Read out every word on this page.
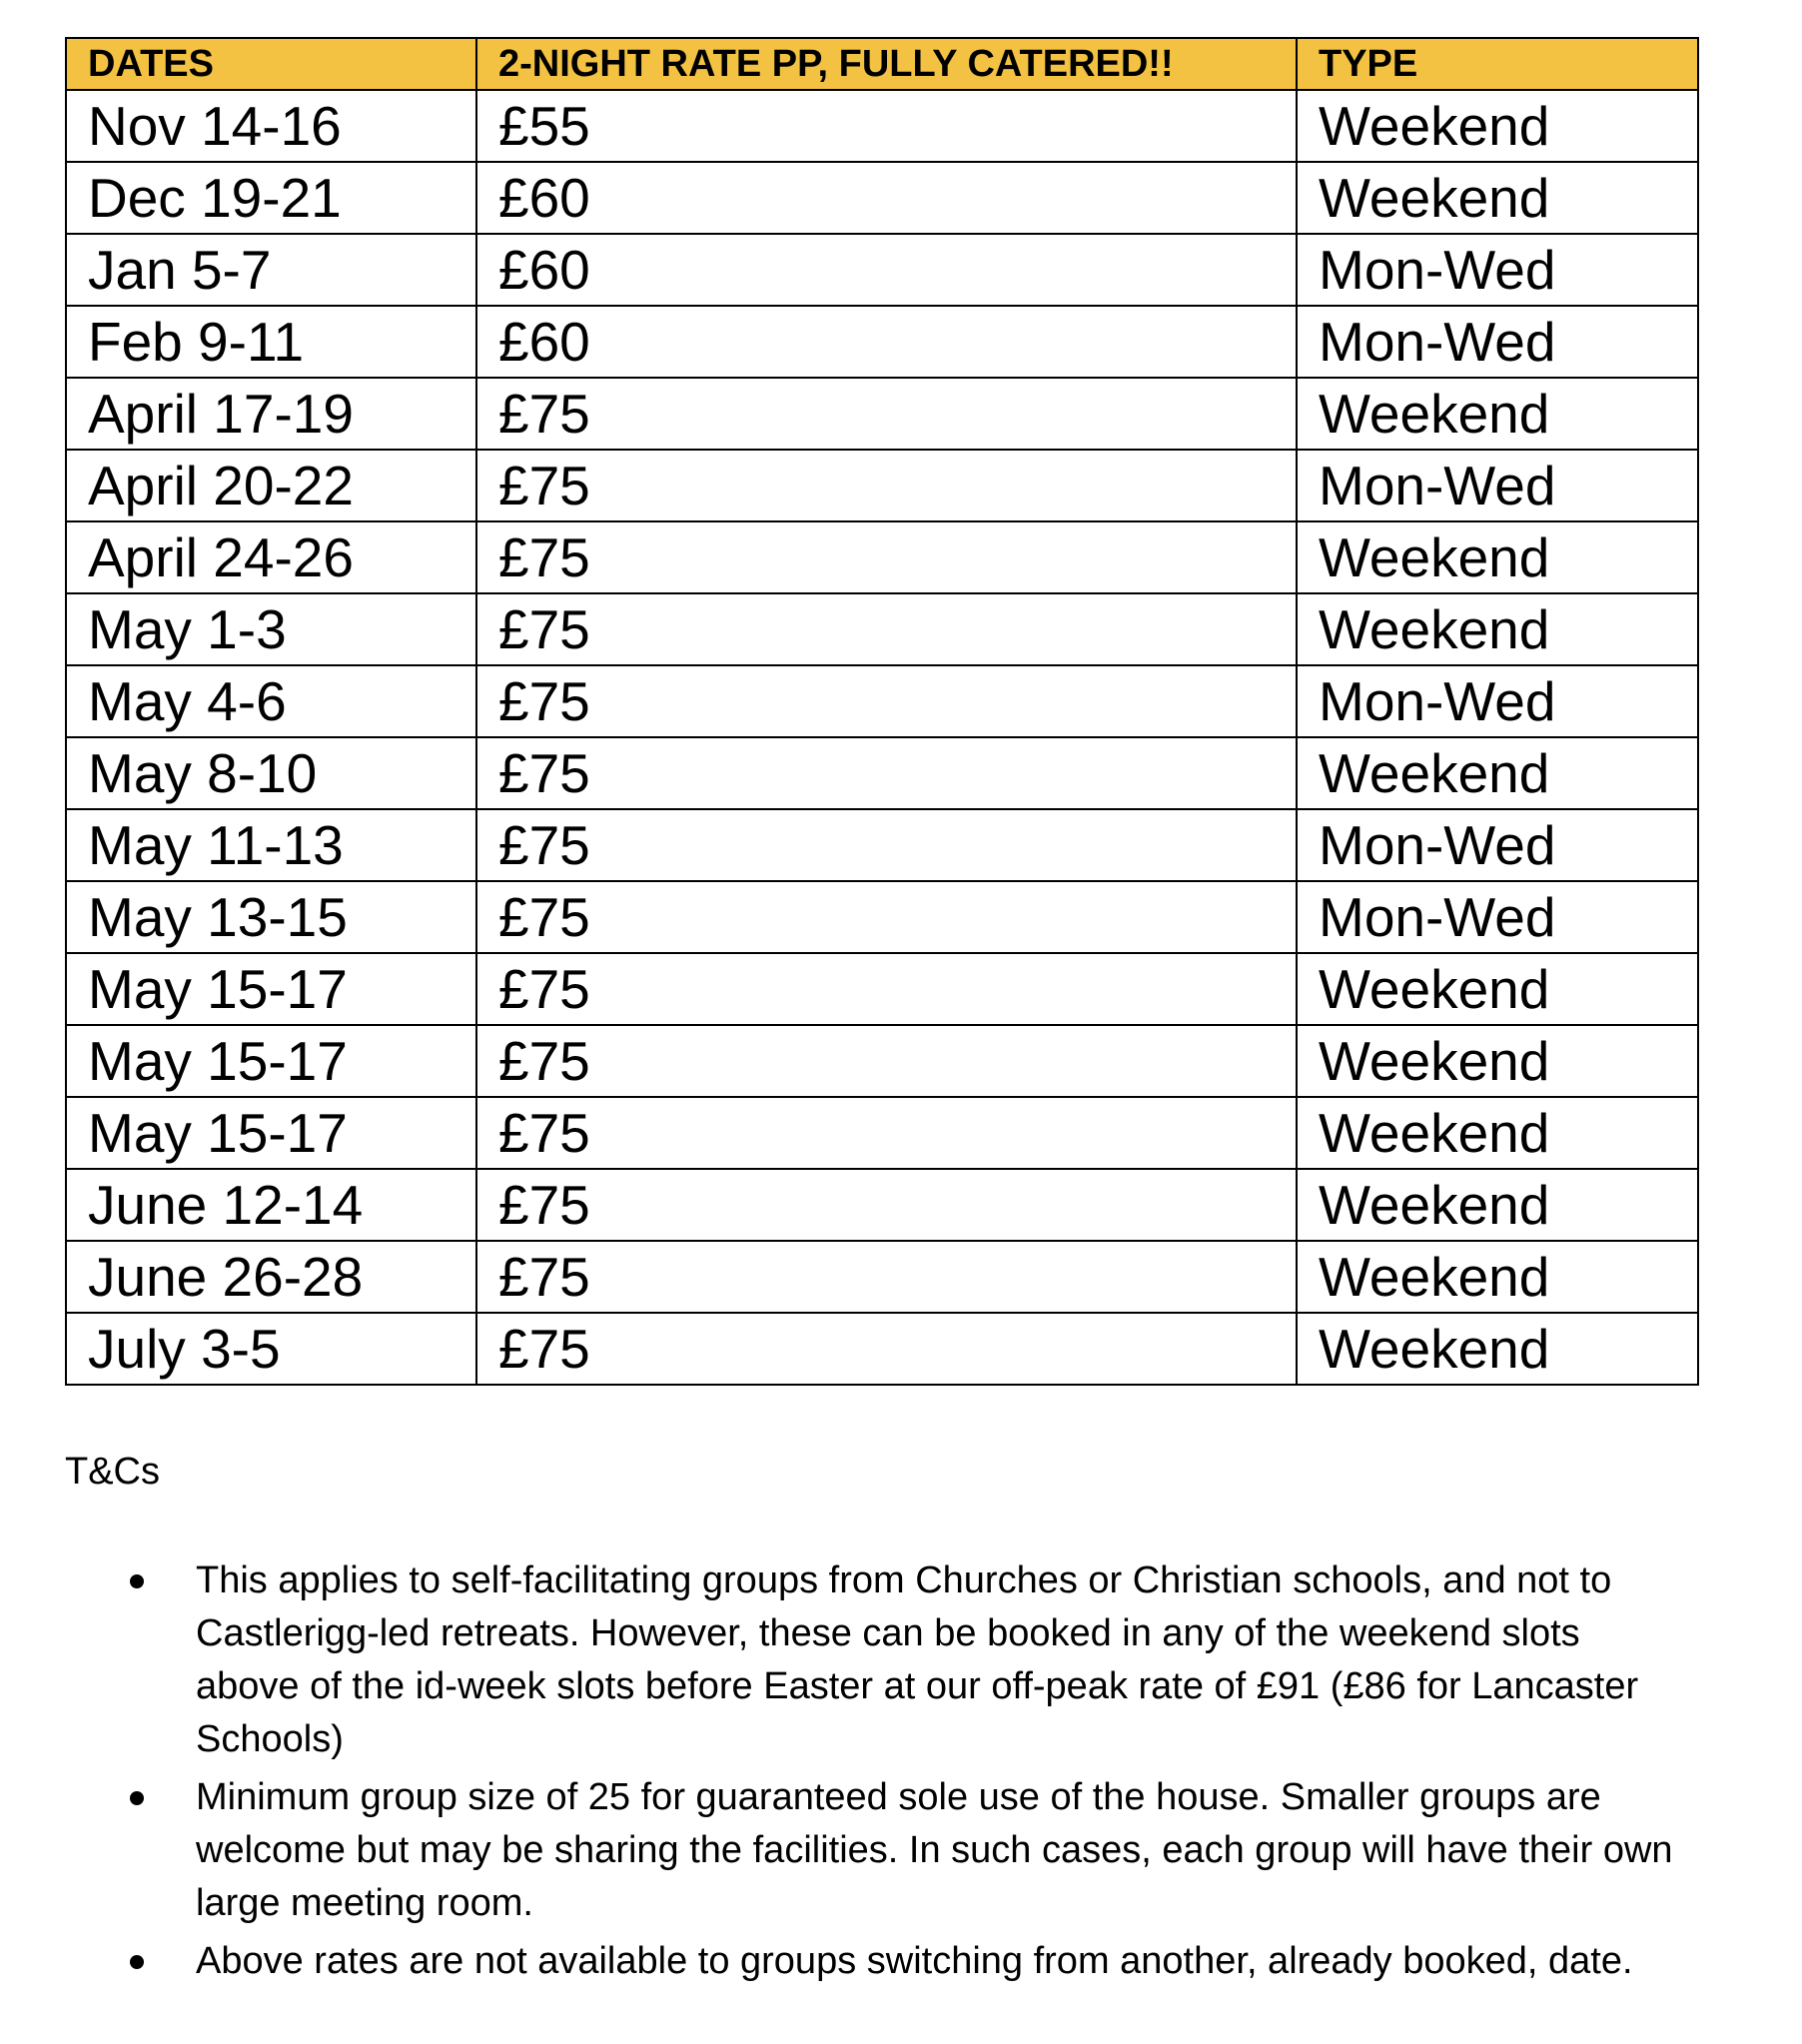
DATES	2-NIGHT RATE PP, FULLY CATERED!!	TYPE
Nov 14-16	£55	Weekend
Dec 19-21	£60	Weekend
Jan 5-7	£60	Mon-Wed
Feb 9-11	£60	Mon-Wed
April 17-19	£75	Weekend
April 20-22	£75	Mon-Wed
April 24-26	£75	Weekend
May 1-3	£75	Weekend
May 4-6	£75	Mon-Wed
May 8-10	£75	Weekend
May 11-13	£75	Mon-Wed
May 13-15	£75	Mon-Wed
May 15-17	£75	Weekend
May 15-17	£75	Weekend
May 15-17	£75	Weekend
June 12-14	£75	Weekend
June 26-28	£75	Weekend
July 3-5	£75	Weekend

T&Cs

This applies to self-facilitating groups from Churches or Christian schools, and not to Castlerigg-led retreats. However, these can be booked in any of the weekend slots above of the id-week slots before Easter at our off-peak rate of £91 (£86 for Lancaster Schools)
Minimum group size of 25 for guaranteed sole use of the house. Smaller groups are welcome but may be sharing the facilities. In such cases, each group will have their own large meeting room.
Above rates are not available to groups switching from another, already booked, date.
